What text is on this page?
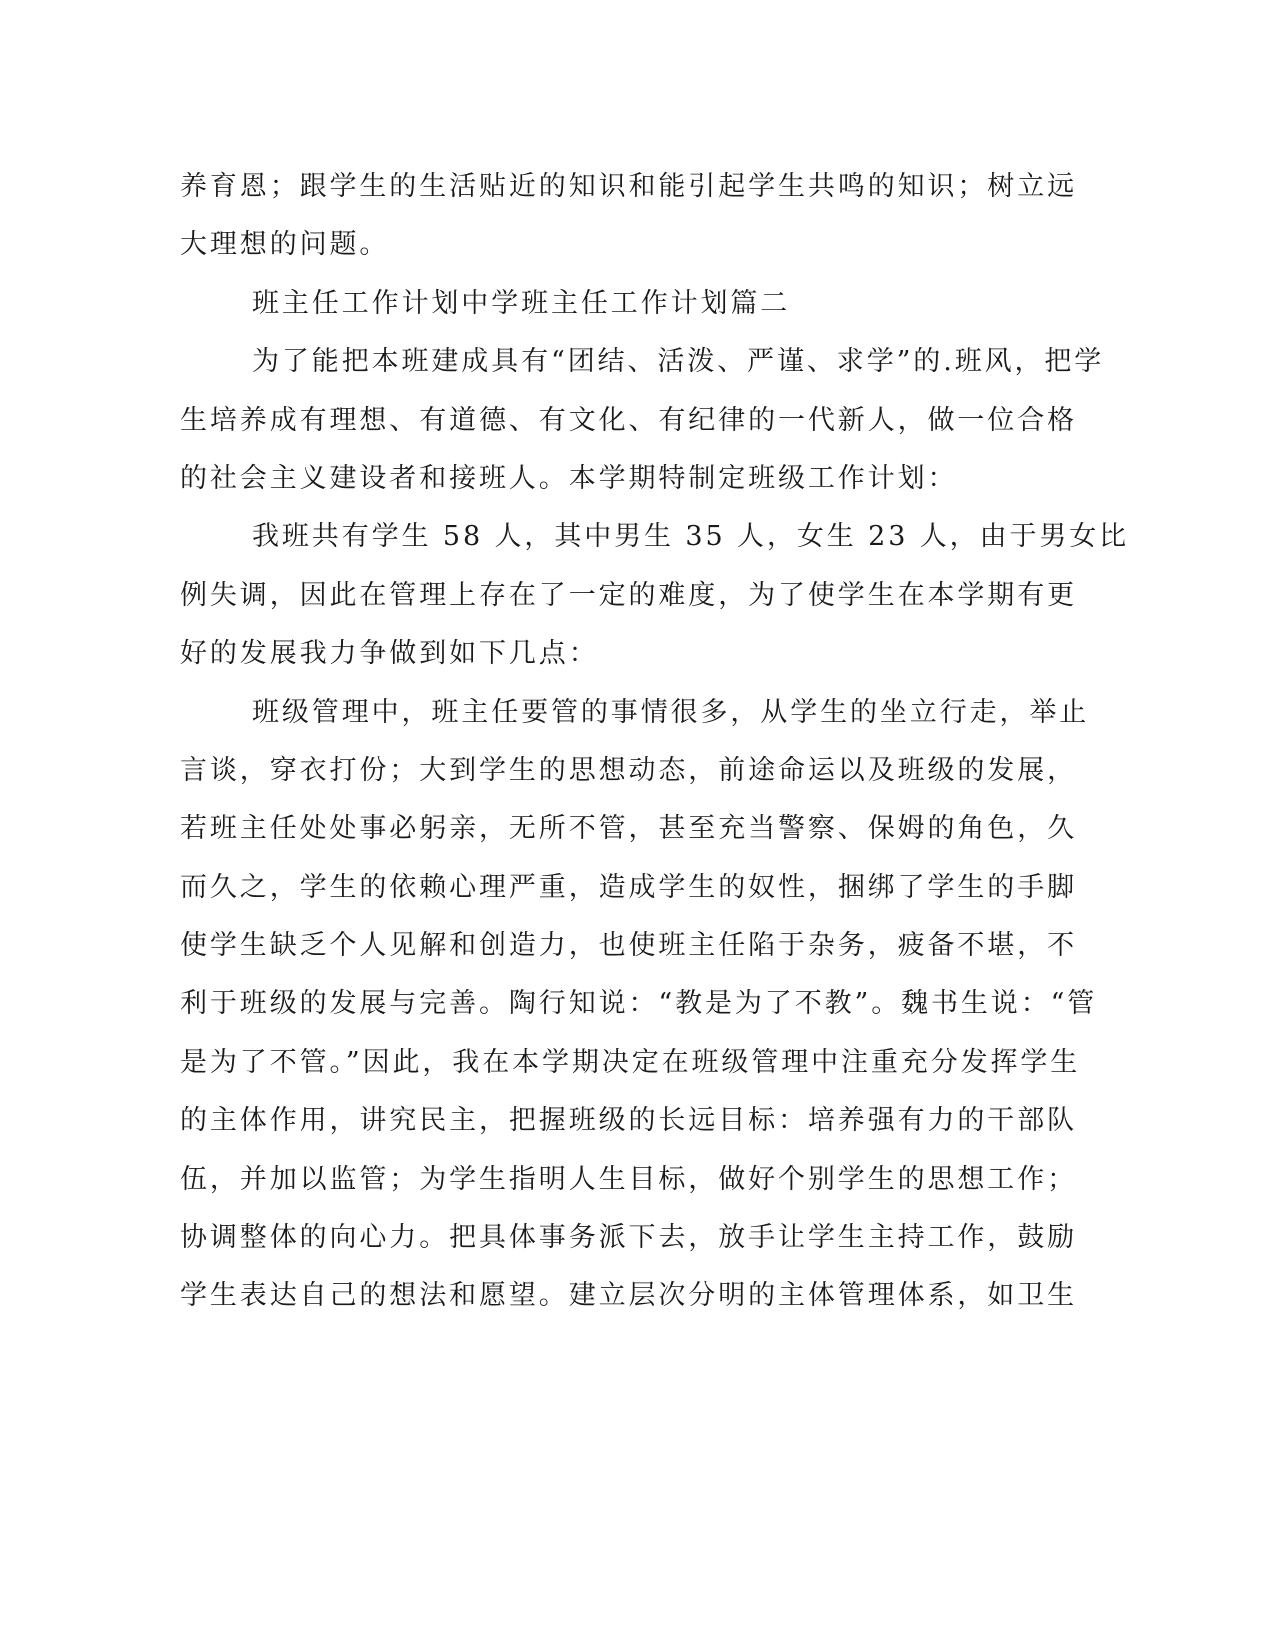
养育恩；跟学生的生活贴近的知识和能引起学生共鸣的知识；树立远
大理想的问题。
班主任工作计划中学班主任工作计划篇二
为了能把本班建成具有“团结、活泼、严谨、求学”的.班风，把学
生培养成有理想、有道德、有文化、有纪律的一代新人，做一位合格
的社会主义建设者和接班人。本学期特制定班级工作计划：
我班共有学生 58 人，其中男生 35 人，女生 23 人，由于男女比
例失调，因此在管理上存在了一定的难度，为了使学生在本学期有更
好的发展我力争做到如下几点：
班级管理中，班主任要管的事情很多，从学生的坐立行走，举止
言谈，穿衣打份；大到学生的思想动态，前途命运以及班级的发展，
若班主任处处事必躬亲，无所不管，甚至充当警察、保姆的角色，久
而久之，学生的依赖心理严重，造成学生的奴性，捆绑了学生的手脚
使学生缺乏个人见解和创造力，也使班主任陷于杂务，疲备不堪，不
利于班级的发展与完善。陶行知说：“教是为了不教”。魏书生说：“管
是为了不管。”因此，我在本学期决定在班级管理中注重充分发挥学生
的主体作用，讲究民主，把握班级的长远目标：培养强有力的干部队
伍，并加以监管；为学生指明人生目标，做好个别学生的思想工作；
协调整体的向心力。把具体事务派下去，放手让学生主持工作，鼓励
学生表达自己的想法和愿望。建立层次分明的主体管理体系，如卫生
